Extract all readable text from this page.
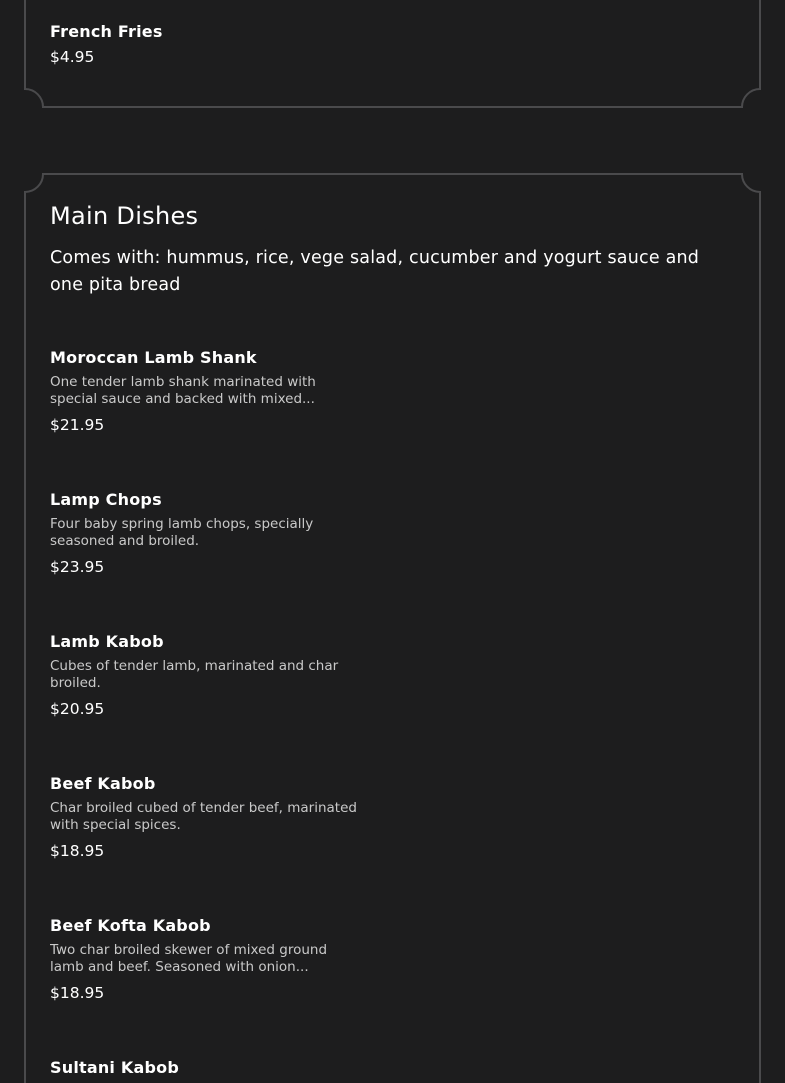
French Fries
$4.95
Main Dishes
Comes with: hummus, rice, vege salad, cucumber and yogurt sauce and one pita bread
Moroccan Lamb Shank
One tender lamb shank marinated with special sauce and backed with mixed...
$21.95
Lamp Chops
Four baby spring lamb chops, specially seasoned and broiled.
$23.95
Lamb Kabob
Cubes of tender lamb, marinated and char broiled.
$20.95
Beef Kabob
Char broiled cubed of tender beef, marinated with special spices.
$18.95
Beef Kofta Kabob
Two char broiled skewer of mixed ground lamb and beef. Seasoned with onion...
$18.95
Sultani Kabob
